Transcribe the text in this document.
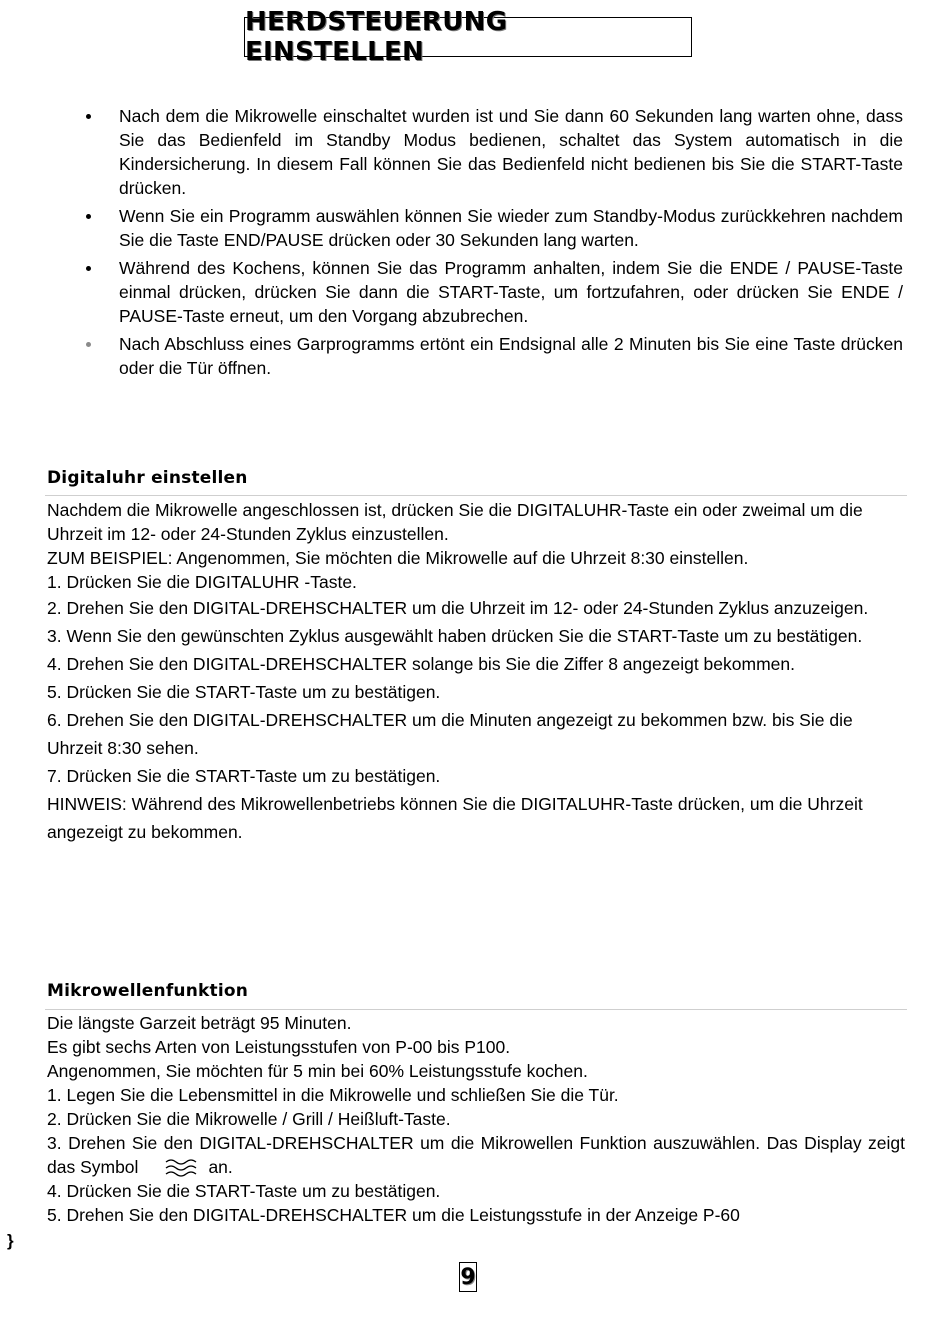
HERDSTEUERUNG EINSTELLEN
Nach dem die Mikrowelle einschaltet wurden ist und Sie dann 60 Sekunden lang warten ohne, dass Sie das Bedienfeld im Standby Modus bedienen, schaltet das System automatisch in die Kindersicherung. In diesem Fall können Sie das Bedienfeld nicht bedienen bis Sie die START-Taste drücken.
Wenn Sie ein Programm auswählen können Sie wieder zum Standby-Modus zurückkehren nachdem Sie die Taste END/PAUSE drücken oder 30 Sekunden lang warten.
Während des Kochens, können Sie das Programm anhalten, indem Sie die ENDE / PAUSE-Taste einmal drücken, drücken Sie dann die START-Taste, um fortzufahren, oder drücken Sie ENDE / PAUSE-Taste erneut, um den Vorgang abzubrechen.
Nach Abschluss eines Garprogramms ertönt ein Endsignal alle 2 Minuten bis Sie eine Taste drücken oder die Tür öffnen.
Digitaluhr einstellen

Nachdem die Mikrowelle angeschlossen ist, drücken Sie die DIGITALUHR-Taste ein oder zweimal um die Uhrzeit im 12- oder 24-Stunden Zyklus einzustellen.

ZUM BEISPIEL: Angenommen, Sie möchten die Mikrowelle auf die Uhrzeit 8:30 einstellen.

1. Drücken Sie die DIGITALUHR -Taste.

2. Drehen Sie den DIGITAL-DREHSCHALTER um die Uhrzeit im 12- oder 24-Stunden Zyklus anzuzeigen.

3. Wenn Sie den gewünschten Zyklus ausgewählt haben drücken Sie die START-Taste um zu bestätigen.

4. Drehen Sie den DIGITAL-DREHSCHALTER solange bis Sie die Ziffer 8 angezeigt bekommen.

5. Drücken Sie die START-Taste um zu bestätigen.

6. Drehen Sie den DIGITAL-DREHSCHALTER um die Minuten angezeigt zu bekommen bzw. bis Sie die Uhrzeit 8:30 sehen.

7. Drücken Sie die START-Taste um zu bestätigen.

HINWEIS: Während des Mikrowellenbetriebs können Sie die DIGITALUHR-Taste drücken, um die Uhrzeit angezeigt zu bekommen.

Mikrowellenfunktion

Die längste Garzeit beträgt 95 Minuten.

Es gibt sechs Arten von Leistungsstufen von P-00 bis P100.

Angenommen, Sie möchten für 5 min bei 60% Leistungsstufe kochen.

1. Legen Sie die Lebensmittel in die Mikrowelle und schließen Sie die Tür.

2. Drücken Sie die Mikrowelle / Grill / Heißluft-Taste.

3. Drehen Sie den DIGITAL-DREHSCHALTER um die Mikrowellen Funktion auszuwählen. Das Display zeigt das Symbol	an.

4. Drücken Sie die START-Taste um zu bestätigen.

5. Drehen Sie den DIGITAL-DREHSCHALTER um die Leistungsstufe in der Anzeige P-60

}
9
